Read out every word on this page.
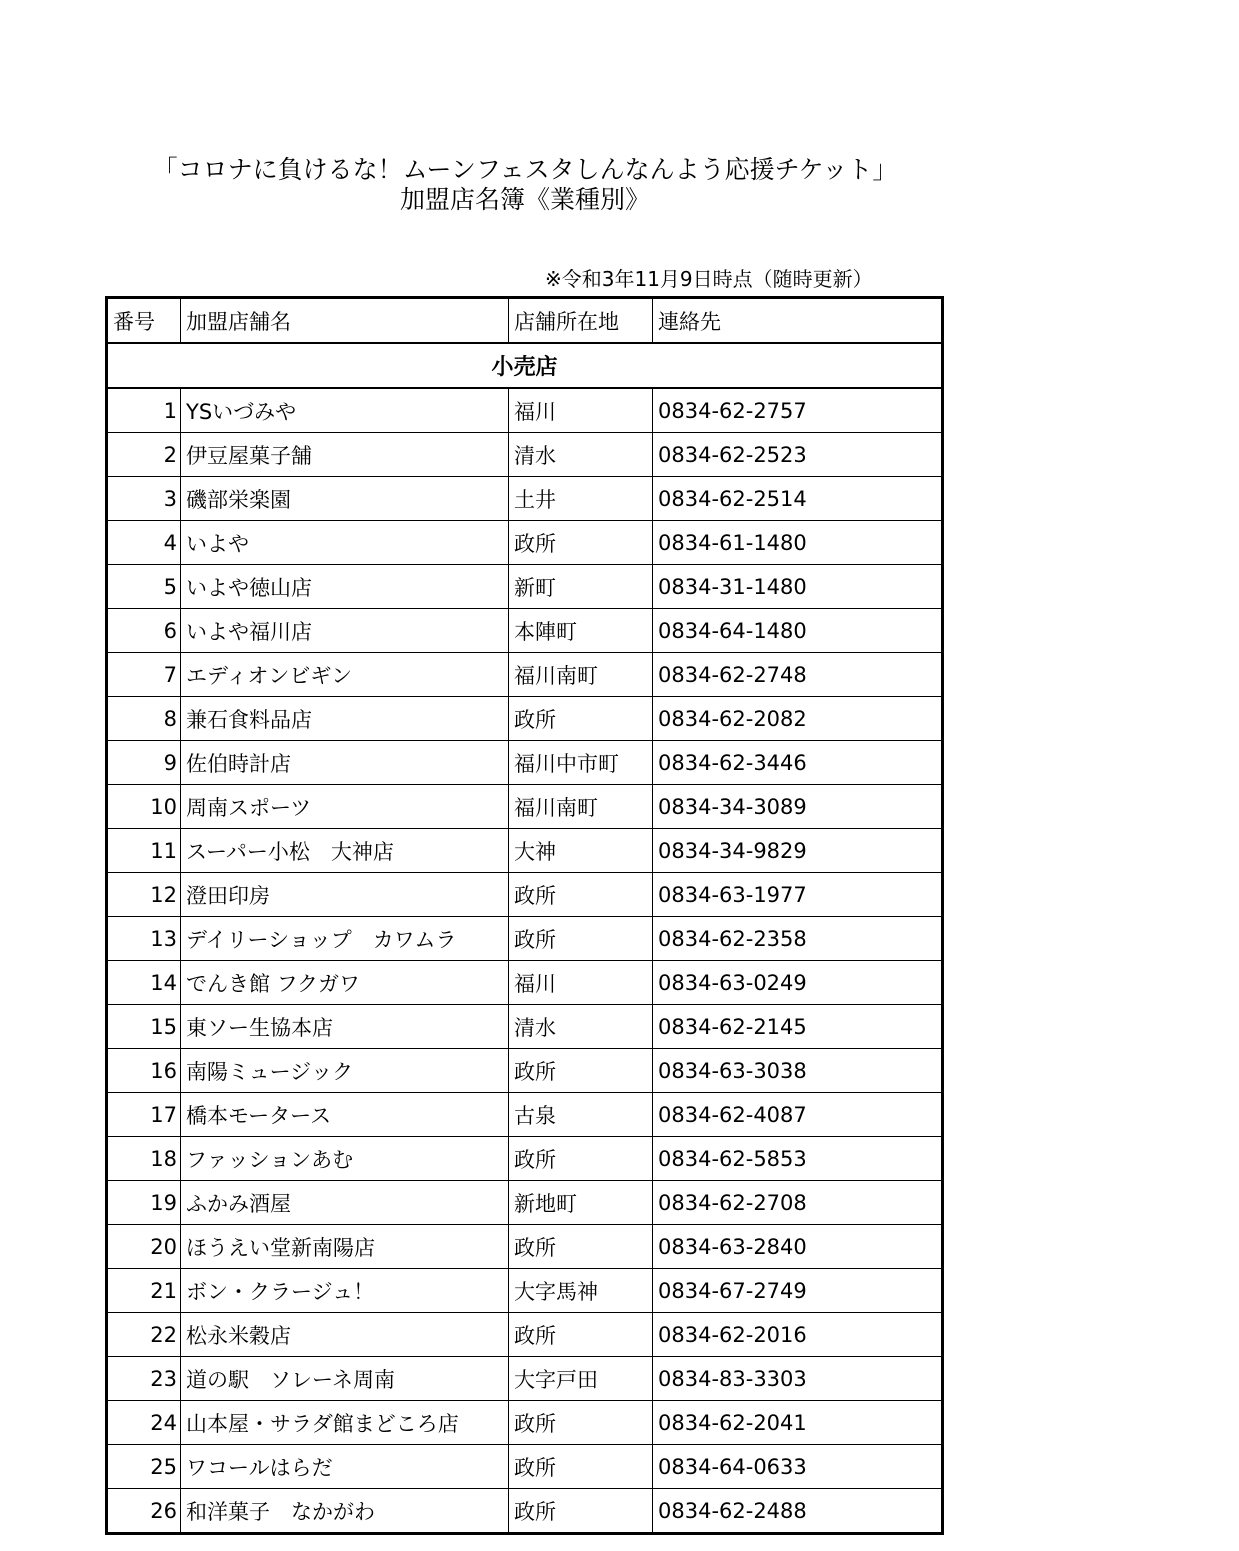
「コロナに負けるな！ムーンフェスタしんなんよう応援チケット」
加盟店名簿《業種別》
※令和3年11月9日時点（随時更新）
番号	加盟店舗名	店舗所在地	連絡先
小売店			
1	YSいづみや	福川	0834-62-2757
2	伊豆屋菓子舗	清水	0834-62-2523
3	磯部栄楽園	土井	0834-62-2514
4	いよや	政所	0834-61-1480
5	いよや徳山店	新町	0834-31-1480
6	いよや福川店	本陣町	0834-64-1480
7	エディオンビギン	福川南町	0834-62-2748
8	兼石食料品店	政所	0834-62-2082
9	佐伯時計店	福川中市町	0834-62-3446
10	周南スポーツ	福川南町	0834-34-3089
11	スーパー小松　大神店	大神	0834-34-9829
12	澄田印房	政所	0834-63-1977
13	デイリーショップ　カワムラ	政所	0834-62-2358
14	でんき館 フクガワ	福川	0834-63-0249
15	東ソー生協本店	清水	0834-62-2145
16	南陽ミュージック	政所	0834-63-3038
17	橋本モータース	古泉	0834-62-4087
18	ファッションあむ	政所	0834-62-5853
19	ふかみ酒屋	新地町	0834-62-2708
20	ほうえい堂新南陽店	政所	0834-63-2840
21	ボン・クラージュ！	大字馬神	0834-67-2749
22	松永米穀店	政所	0834-62-2016
23	道の駅　ソレーネ周南	大字戸田	0834-83-3303
24	山本屋・サラダ館まどころ店	政所	0834-62-2041
25	ワコールはらだ	政所	0834-64-0633
26	和洋菓子　なかがわ	政所	0834-62-2488
